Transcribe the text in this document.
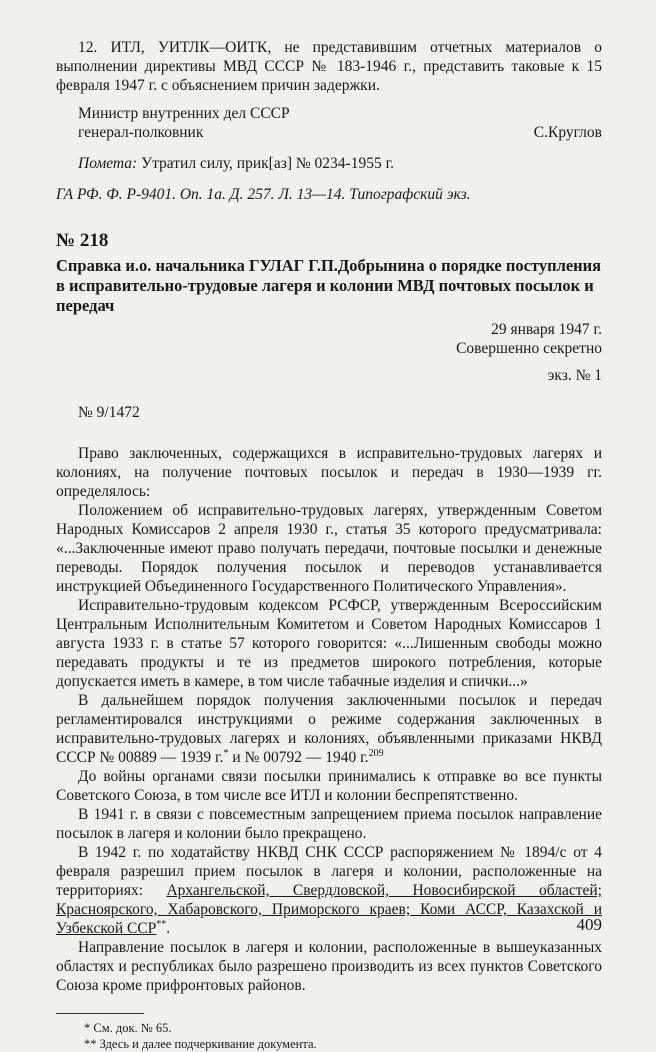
12. ИТЛ, УИТЛК—ОИТК, не представившим отчетных материалов о выполнении директивы МВД СССР № 183-1946 г., представить таковые к 15 февраля 1947 г. с объяснением причин задержки.

Министр внутренних дел СССР

генерал-полковник	С.Круглов

Помета: Утратил силу, прик[аз] № 0234-1955 г.

ГА РФ. Ф. Р-9401. Оп. 1а. Д. 257. Л. 13—14. Типографский экз.

№ 218

Справка и.о. начальника ГУЛАГ Г.П.Добрынина о порядке поступления в исправительно-трудовые лагеря и колонии МВД почтовых посылок и передач

29 января 1947 г.

Совершенно секретно

экз. № 1

№ 9/1472

Право заключенных, содержащихся в исправительно-трудовых лагерях и колониях, на получение почтовых посылок и передач в 1930—1939 гг. определялось:

Положением об исправительно-трудовых лагерях, утвержденным Советом Народных Комиссаров 2 апреля 1930 г., статья 35 которого предусматривала: «...Заключенные имеют право получать передачи, почтовые посылки и денежные переводы. Порядок получения посылок и переводов устанавливается инструкцией Объединенного Государственного Политического Управления».

Исправительно-трудовым кодексом РСФСР, утвержденным Всероссийским Центральным Исполнительным Комитетом и Советом Народных Комиссаров 1 августа 1933 г. в статье 57 которого говорится: «...Лишенным свободы можно передавать продукты и те из предметов широкого потребления, которые допускается иметь в камере, в том числе табачные изделия и спички...»

В дальнейшем порядок получения заключенными посылок и передач регламентировался инструкциями о режиме содержания заключенных в исправительно-трудовых лагерях и колониях, объявленными приказами НКВД СССР № 00889 — 1939 г.* и № 00792 — 1940 г.$^{209}$

До войны органами связи посылки принимались к отправке во все пункты Советского Союза, в том числе все ИТЛ и колонии беспрепятственно.

В 1941 г. в связи с повсеместным запрещением приема посылок направление посылок в лагеря и колонии было прекращено.

В 1942 г. по ходатайству НКВД СНК СССР распоряжением № 1894/с от 4 февраля разрешил прием посылок в лагеря и колонии, расположенные на территориях: Архангельской, Свердловской, Новосибирской областей; Красноярского, Хабаровского, Приморского краев; Коми АССР, Казахской и Узбекской ССР**.

Направление посылок в лагеря и колонии, расположенные в вышеуказанных областях и республиках было разрешено производить из всех пунктов Советского Союза кроме прифронтовых районов.

* См. док. № 65.

** Здесь и далее подчеркивание документа.

409
